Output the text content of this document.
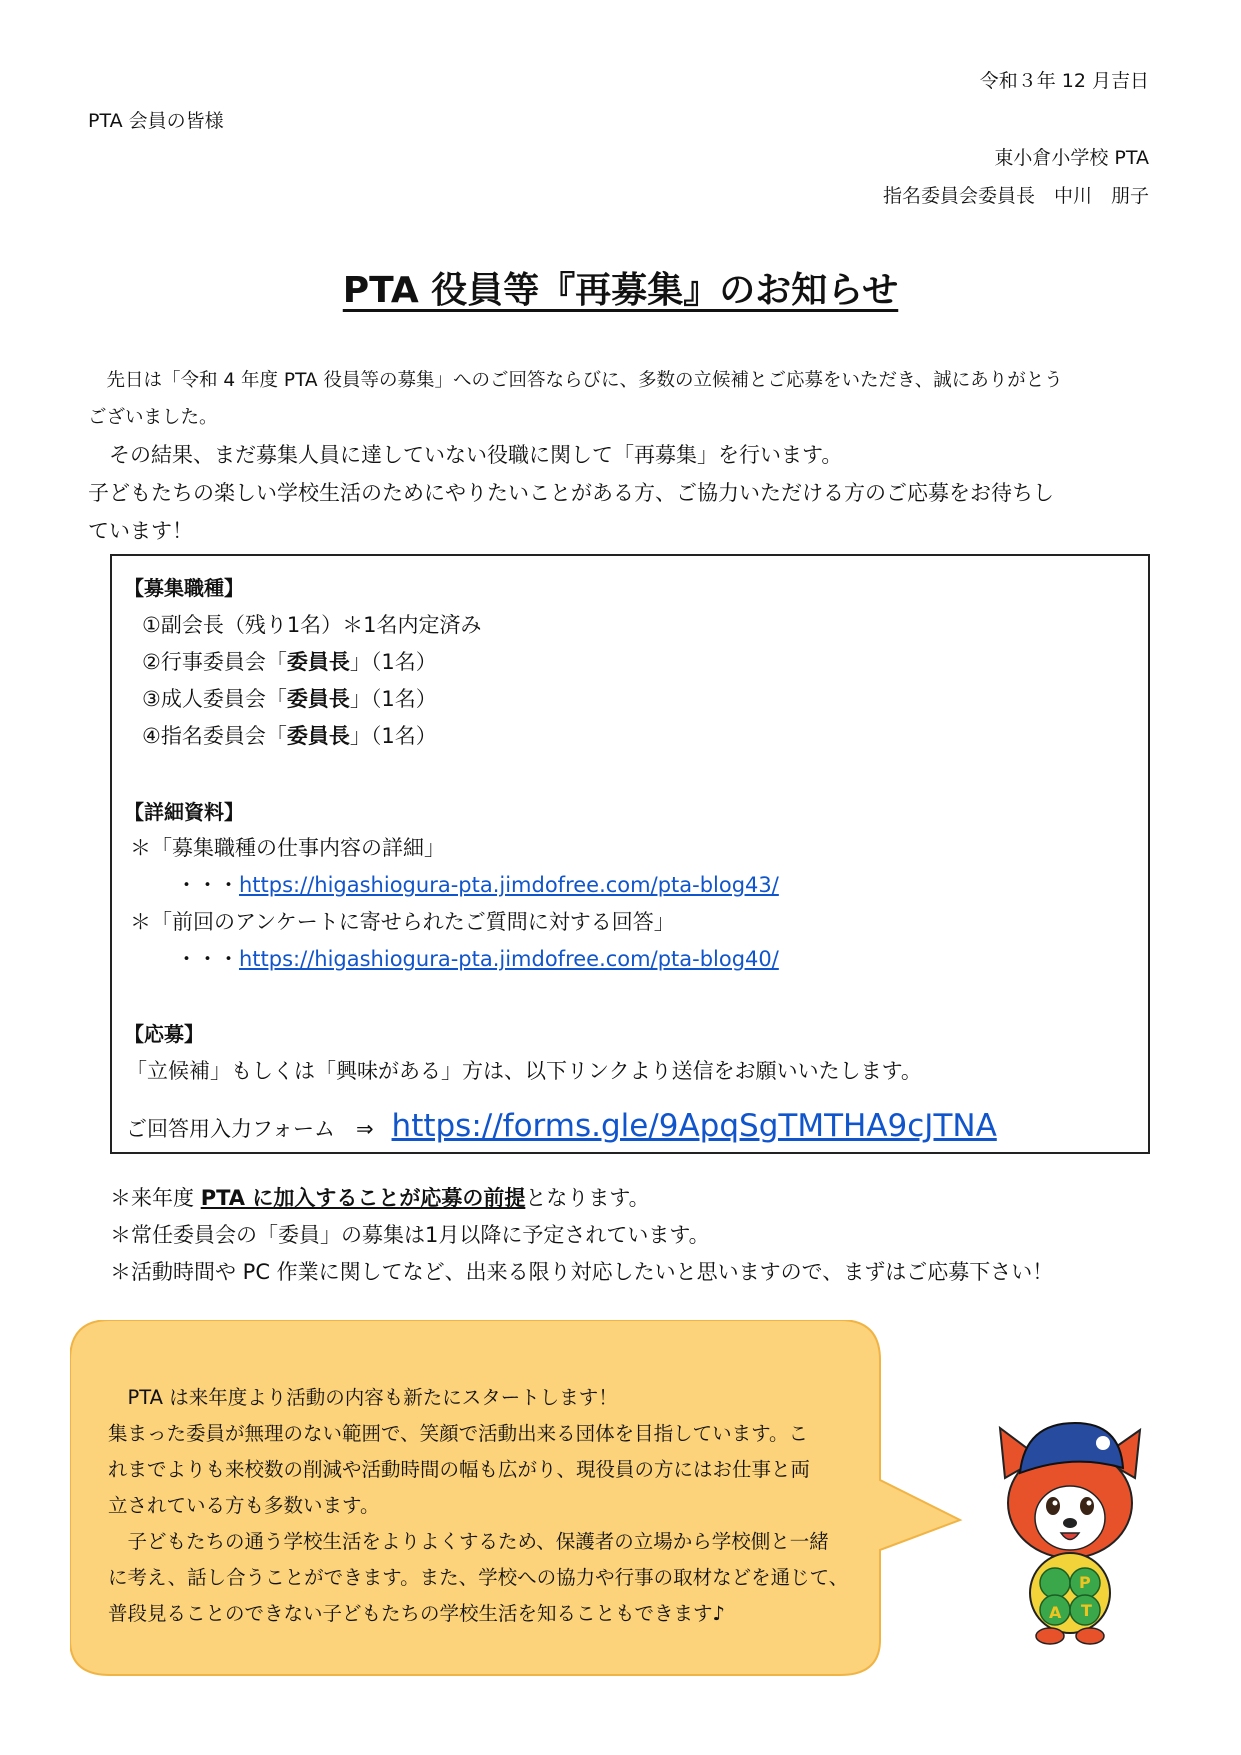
令和３年 12 月吉日
PTA 会員の皆様
東小倉小学校 PTA
指名委員会委員長　中川　朋子
PTA 役員等『再募集』のお知らせ

　先日は「令和 4 年度 PTA 役員等の募集」へのご回答ならびに、多数の立候補とご応募をいただき、誠にありがとう

ございました。

　その結果、まだ募集人員に達していない役職に関して「再募集」を行います。

子どもたちの楽しい学校生活のためにやりたいことがある方、ご協力いただける方のご応募をお待ちし

ています！

【募集職種】
①副会長（残り1名）＊1名内定済み
②行事委員会「委員長」（1名）
③成人委員会「委員長」（1名）
④指名委員会「委員長」（1名）
【詳細資料】
＊「募集職種の仕事内容の詳細」
・・・https://higashiogura-pta.jimdofree.com/pta-blog43/
＊「前回のアンケートに寄せられたご質問に対する回答」
・・・https://higashiogura-pta.jimdofree.com/pta-blog40/
【応募】
「立候補」もしくは「興味がある」方は、以下リンクより送信をお願いいたします。
ご回答用入力フォーム　⇒ https://forms.gle/9ApqSgTMTHA9cJTNA

＊来年度 PTA に加入することが応募の前提となります。

＊常任委員会の「委員」の募集は1月以降に予定されています。

＊活動時間や PC 作業に関してなど、出来る限り対応したいと思いますので、まずはご応募下さい！

　PTA は来年度より活動の内容も新たにスタートします！

集まった委員が無理のない範囲で、笑顔で活動出来る団体を目指しています。こ

れまでよりも来校数の削減や活動時間の幅も広がり、現役員の方にはお仕事と両

立されている方も多数います。

　子どもたちの通う学校生活をよりよくするため、保護者の立場から学校側と一緒

に考え、話し合うことができます。また、学校への協力や行事の取材などを通じて、

普段見ることのできない子どもたちの学校生活を知ることもできます♪

P
T
A
